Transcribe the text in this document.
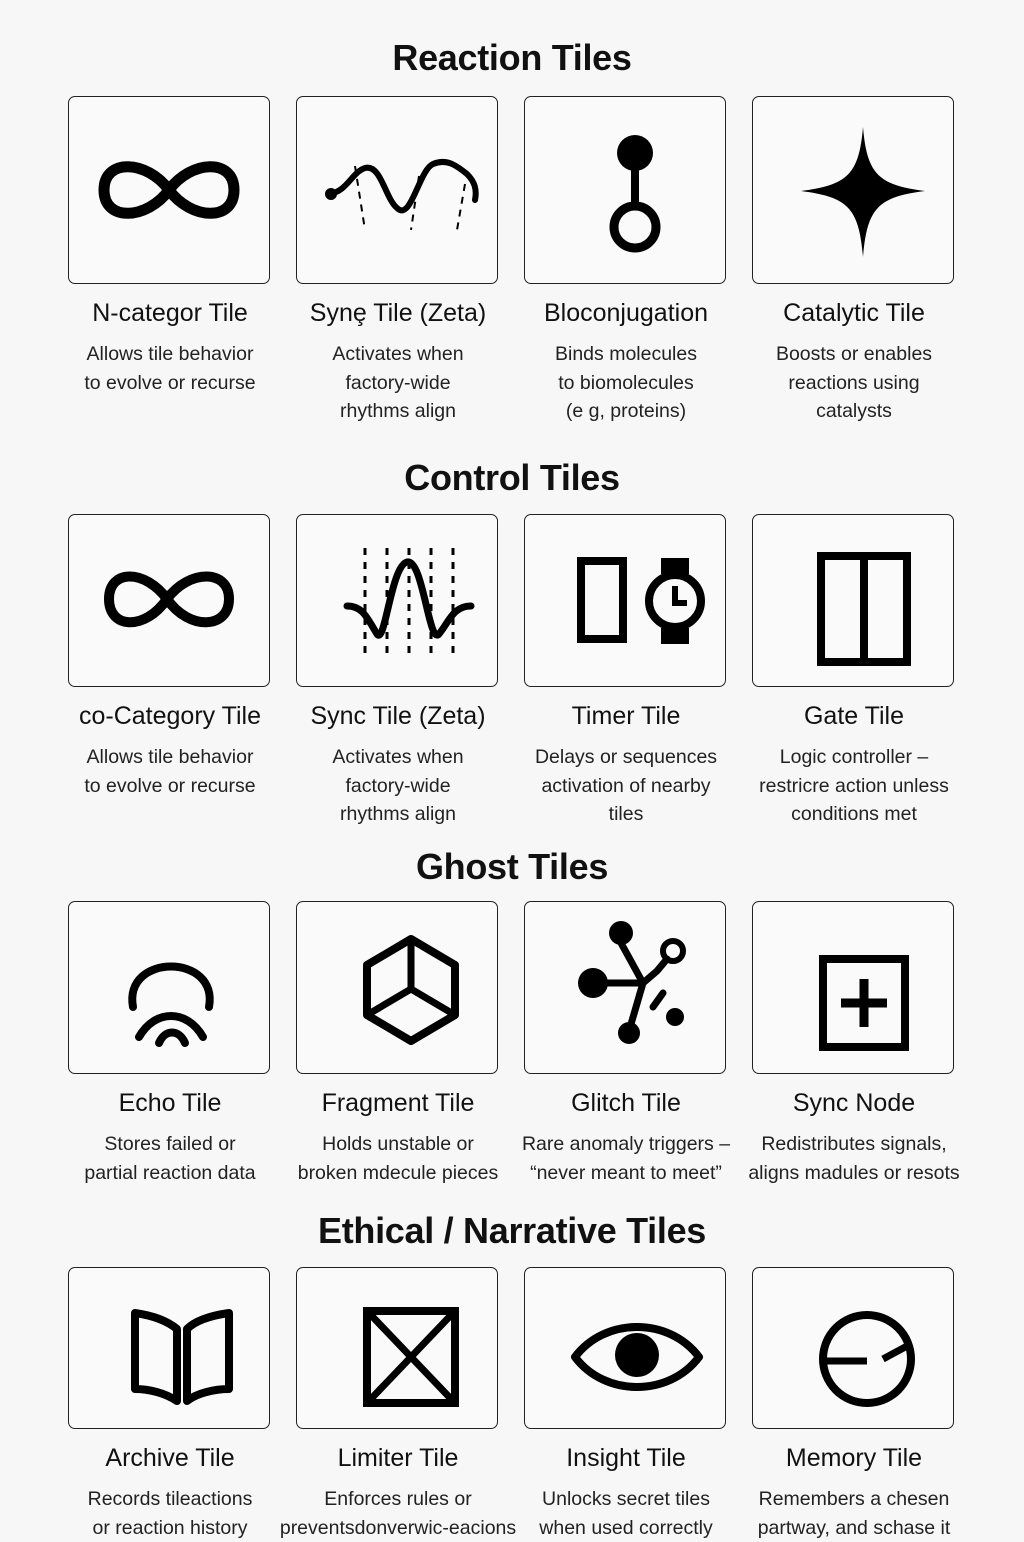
Reaction Tiles
N-categor Tile
Allows tile behavior
to evolve or recurse
Synȩ Tile (Zeta)
Activates when
factory-wide
rhythms align
Bloconjugation
Binds molecules
to biomolecules
(e g, proteins)
Catalytic Tile
Boosts or enables
reactions using
catalysts
Control Tiles
co-Category Tile
Allows tile behavior
to evolve or recurse
Sync Tile (Zeta)
Activates when
factory-wide
rhythms align
Timer Tile
Delays or sequences
activation of nearby
tiles
Gate Tile
Logic controller –
restricre action unless
conditions met
Ghost Tiles
Echo Tile
Stores failed or
partial reaction data
Fragment Tile
Holds unstable or
broken mdecule pieces
Glitch Tile
Rare anomaly triggers –
“never meant to meet”
Sync Node
Redistributes signals,
aligns madules or resots
Ethical / Narrative Tiles
Archive Tile
Records tileactions
or reaction history
Limiter Tile
Enforces rules or
preventsdonverwic-eacions
Insight Tile
Unlocks secret tiles
when used correctly
Memory Tile
Remembers a chesen
partway, and schase it
